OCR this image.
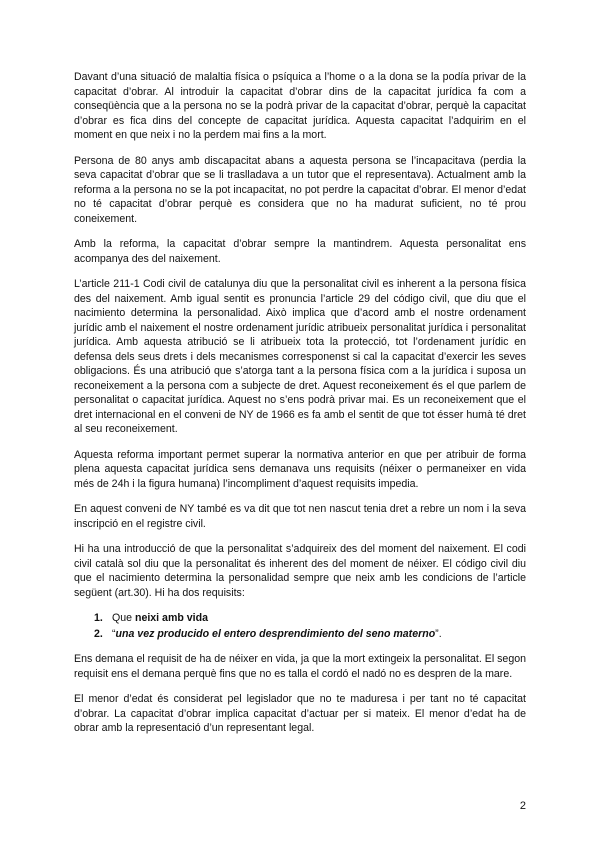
Davant d’una situació de malaltia física o psíquica a l’home o a la dona se la podía privar de la capacitat d’obrar. Al introduir la capacitat d’obrar dins de la capacitat jurídica fa com a conseqüència que a la persona no se la podrà privar de la capacitat d’obrar, perquè la capacitat d’obrar es fica dins del concepte de capacitat jurídica. Aquesta capacitat l’adquirim en el moment en que neix i no la perdem mai fins a la mort.

Persona de 80 anys amb discapacitat abans a aquesta persona se l’incapacitava (perdia la seva capacitat d’obrar que se li traslladava a un tutor que el representava). Actualment amb la reforma a la persona no se la pot incapacitat, no pot perdre la capacitat d’obrar. El menor d’edat no té capacitat d’obrar perquè es considera que no ha madurat suficient, no té prou coneixement.

Amb la reforma, la capacitat d’obrar sempre la mantindrem. Aquesta personalitat ens acompanya des del naixement.

L’article 211-1 Codi civil de catalunya diu que la personalitat civil es inherent a la persona física des del naixement. Amb igual sentit es pronuncia l’article 29 del código civil, que diu que el nacimiento determina la personalidad. Això implica que d’acord amb el nostre ordenament jurídic amb el naixement el nostre ordenament jurídic atribueix personalitat jurídica i personalitat jurídica. Amb aquesta atribució se li atribueix tota la protecció, tot l’ordenament jurídic en defensa dels seus drets i dels mecanismes corresponenst si cal la capacitat d’exercir les seves obligacions. És una atribució que s’atorga tant a la persona física com a la jurídica i suposa un reconeixement a la persona com a subjecte de dret. Aquest reconeixement és el que parlem de personalitat o capacitat jurídica. Aquest no s’ens podrà privar mai. Es un reconeixement que el dret internacional en el conveni de NY de 1966 es fa amb el sentit de que tot ésser humà té dret al seu reconeixement.

Aquesta reforma important permet superar la normativa anterior en que per atribuir de forma plena aquesta capacitat jurídica sens demanava uns requisits (néixer o permaneixer en vida més de 24h i la figura humana) l’incompliment d’aquest requisits impedia.

En aquest conveni de NY també es va dit que tot nen nascut tenia dret a rebre un nom i la seva inscripció en el registre civil.

Hi ha una introducció de que la personalitat s’adquireix des del moment del naixement. El codi civil català sol diu que la personalitat és inherent des del moment de néixer. El código civil diu que el nacimiento determina la personalidad sempre que neix amb les condicions de l’article següent (art.30). Hi ha dos requisits:

1. Que neixi amb vida
2. “una vez producido el entero desprendimiento del seno materno”.

Ens demana el requisit de ha de néixer en vida, ja que la mort extingeix la personalitat. El segon requisit ens el demana perquè fins que no es talla el cordó el nadó no es despren de la mare.

El menor d’edat és considerat pel legislador que no te maduresa i per tant no té capacitat d’obrar. La capacitat d’obrar implica capacitat d’actuar per si mateix. El menor d’edat ha de obrar amb la representació d’un representant legal.

2
